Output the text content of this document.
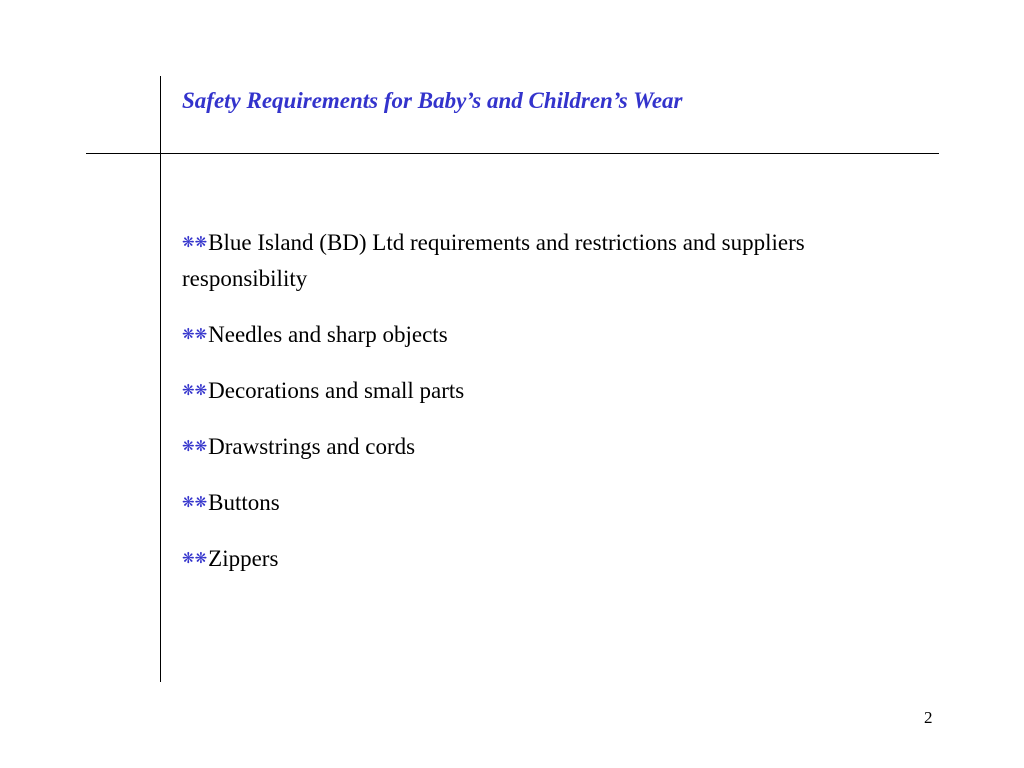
Safety Requirements for Baby’s and Children’s Wear
❋❋Blue Island (BD) Ltd requirements and restrictions and suppliers responsibility
❋❋Needles and sharp objects
❋❋Decorations and small parts
❋❋Drawstrings and cords
❋❋Buttons
❋❋Zippers
2
